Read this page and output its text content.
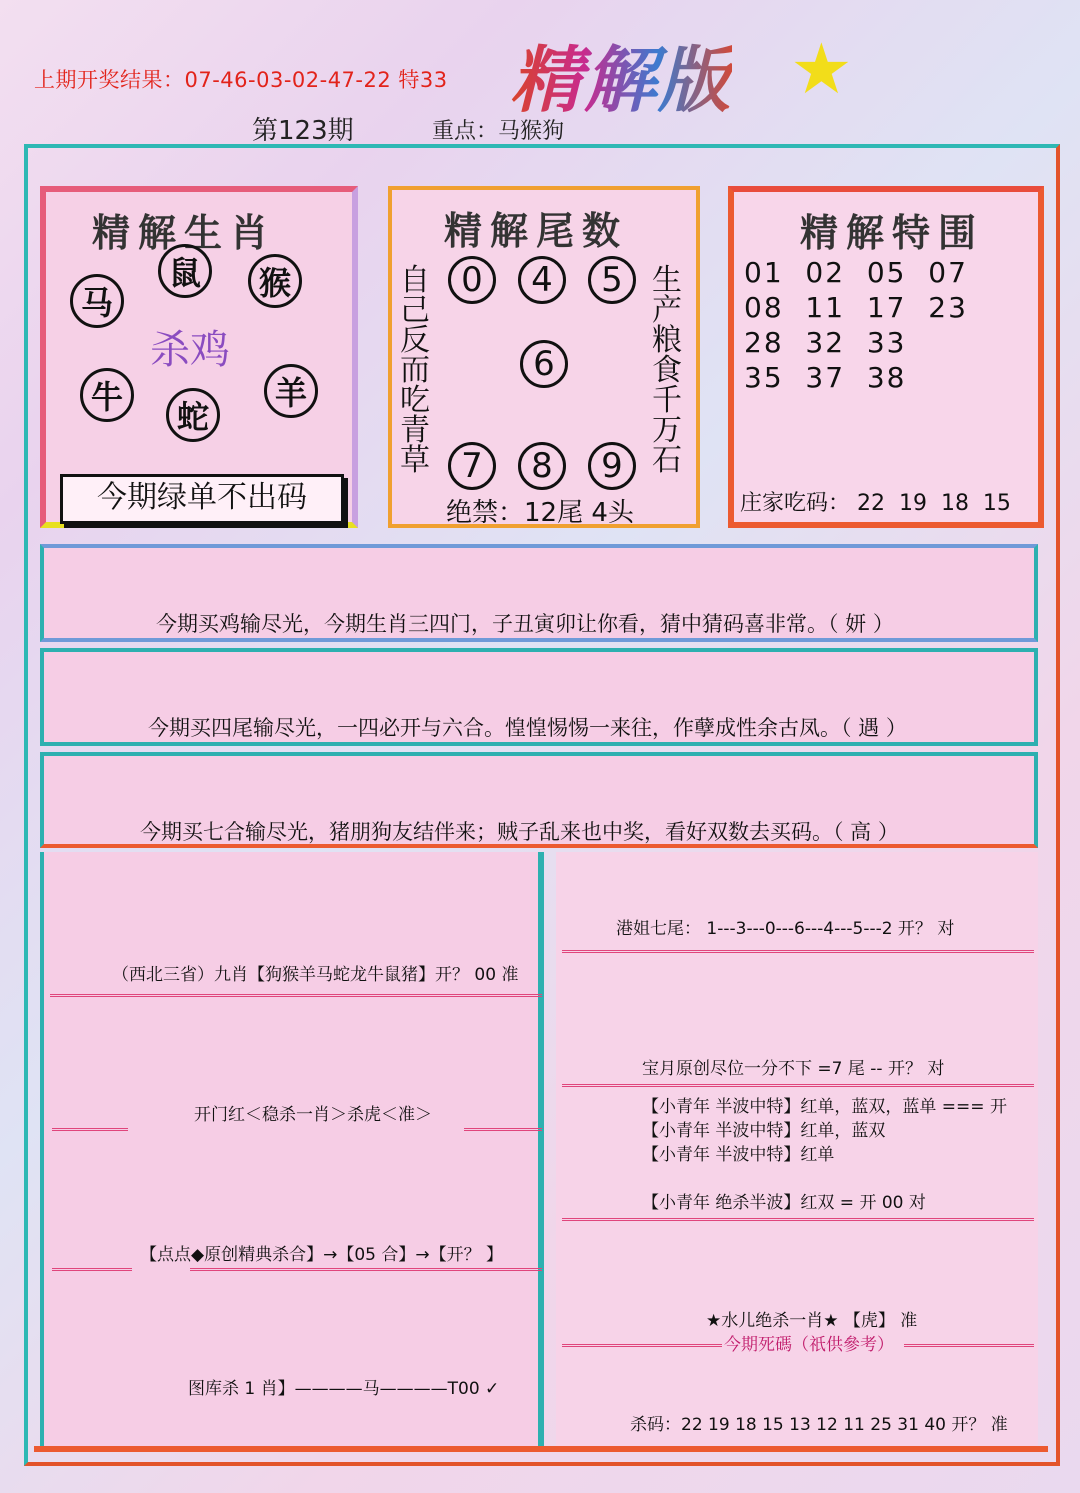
上期开奖结果：07-46-03-02-47-22 特33 精解版 ★
第123期	重点：马猴狗
精解生肖
马
鼠	猴
牛
蛇
羊
杀鸡
今期绿单不出码
精解尾数
自己反而吃青草
生产粮食千万石
0	4	5
6
7	8	9
绝禁：12尾 4头
精解特围
01  02  05  07
08  11  17  23
28  32  33
35  37  38
庄家吃码： 22  19  18  15
今期买鸡输尽光，今期生肖三四门，子丑寅卯让你看，猜中猜码喜非常。（ 妍 ）
今期买四尾输尽光，一四必开与六合。惶惶惕惕一来往，作孽成性余古凤。（ 遇 ）
今期买七合输尽光，猪朋狗友结伴来；贼子乱来也中奖，看好双数去买码。（ 高 ）
（西北三省）九肖【狗猴羊马蛇龙牛鼠猪】开？ 00 准
开门红＜稳杀一肖＞杀虎＜准＞
【点点◆原创精典杀合】→【05 合】→【开？ 】
图库杀 1 肖】————马————T00 ✓
港姐七尾： 1---3---0---6---4---5---2 开？ 对
宝月原创尽位一分不下 =7 尾 -- 开？ 对
【小青年 半波中特】红单，蓝双，蓝单 === 开
【小青年 半波中特】红单，蓝双
【小青年 半波中特】红单
【小青年 绝杀半波】红双 = 开 00 对
★水儿绝杀一肖★ 【虎】 准
今期死碼（祇供參考）
杀码：22 19 18 15 13 12 11 25 31 40 开？ 准
